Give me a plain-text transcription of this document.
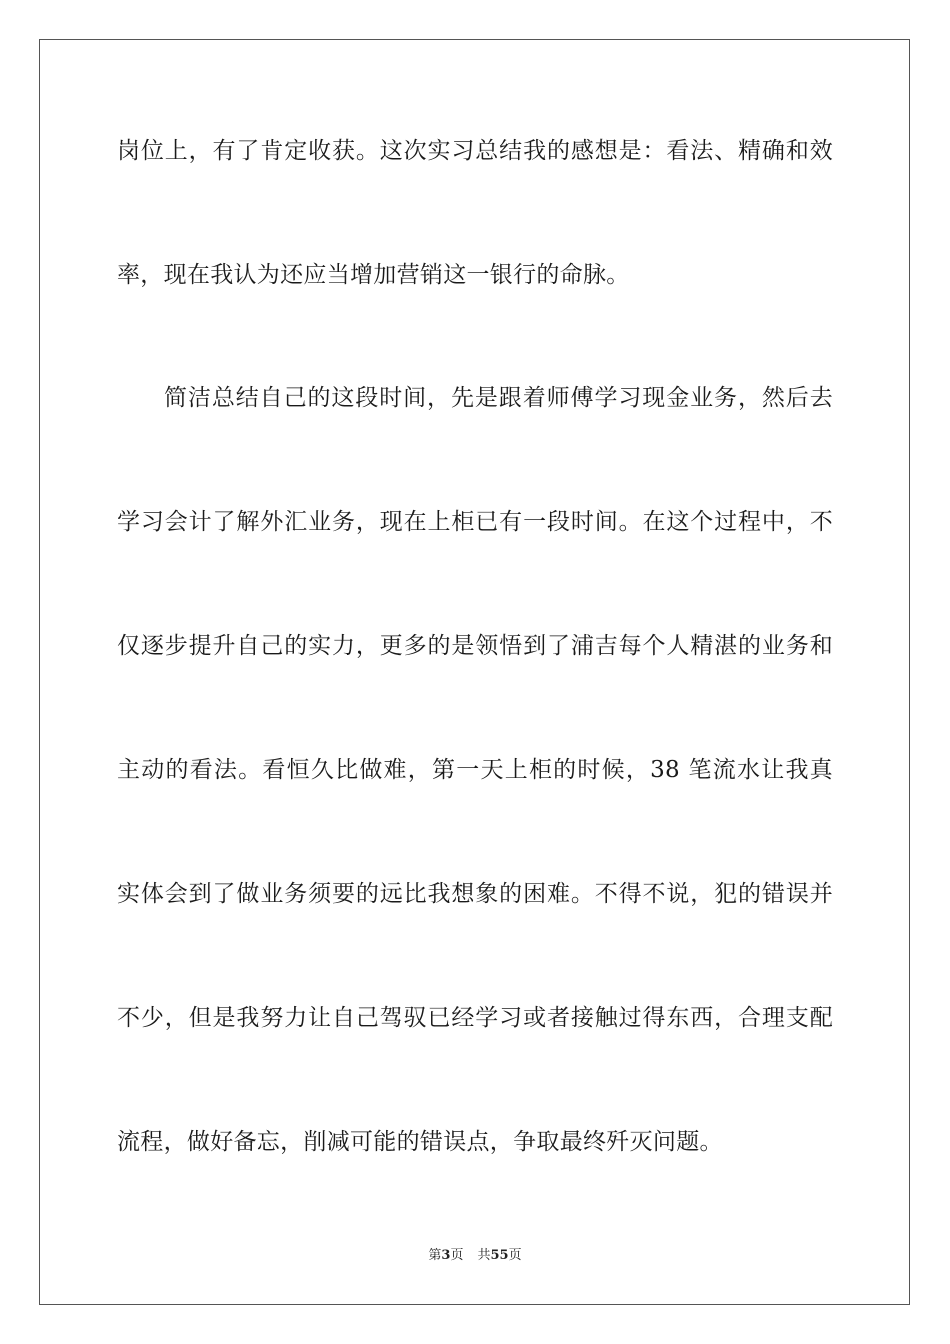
岗位上，有了肯定收获。这次实习总结我的感想是：看法、精确和效
率，现在我认为还应当增加营销这一银行的命脉。
简洁总结自己的这段时间，先是跟着师傅学习现金业务，然后去
学习会计了解外汇业务，现在上柜已有一段时间。在这个过程中，不
仅逐步提升自己的实力，更多的是领悟到了浦吉每个人精湛的业务和
主动的看法。看恒久比做难，第一天上柜的时候，38 笔流水让我真
实体会到了做业务须要的远比我想象的困难。不得不说，犯的错误并
不少，但是我努力让自己驾驭已经学习或者接触过得东西，合理支配
流程，做好备忘，削减可能的错误点，争取最终歼灭问题。
第3页 共55页
